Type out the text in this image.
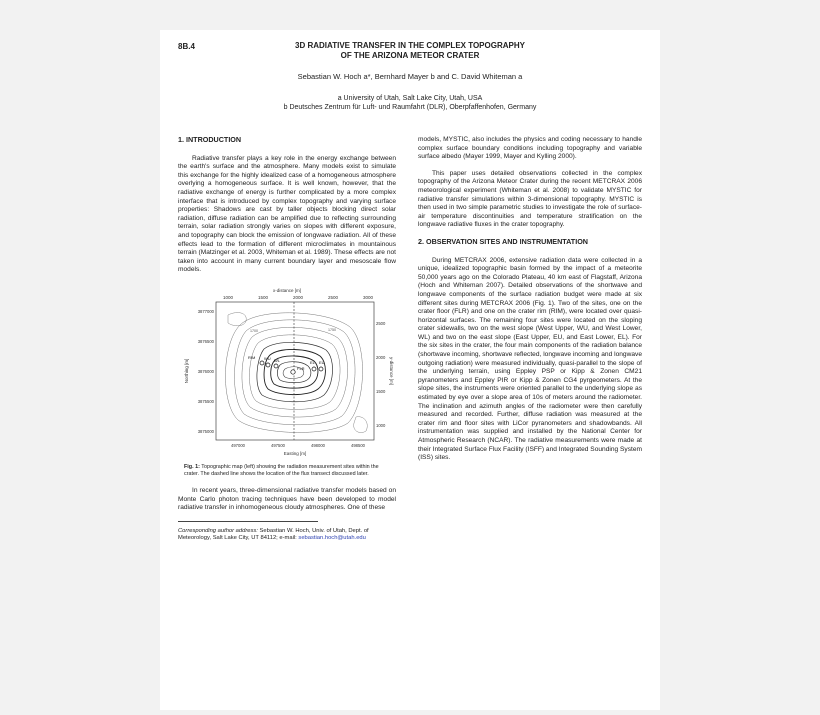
8B.4	3D RADIATIVE TRANSFER IN THE COMPLEX TOPOGRAPHY
OF THE ARIZONA METEOR CRATER
Sebastian W. Hoch a*, Bernhard Mayer b and C. David Whiteman a
a University of Utah, Salt Lake City, Utah, USA
b Deutsches Zentrum für Luft- und Raumfahrt (DLR), Oberpfaffenhofen, Germany
1. INTRODUCTION

Radiative transfer plays a key role in the energy exchange between the earth's surface and the atmosphere. Many models exist to simulate this exchange for the highly idealized case of a homogeneous atmosphere overlying a homogeneous surface. It is well known, however, that the radiative exchange of energy is further complicated by a more complex interface that is introduced by complex topography and varying surface properties: Shadows are cast by taller objects blocking direct solar radiation, diffuse radiation can be amplified due to reflecting surrounding terrain, solar radiation strongly varies on slopes with different exposure, and topography can block the emission of longwave radiation. All of these effects lead to the formation of different microclimates in mountainous terrain (Matzinger et al. 2003, Whiteman et al. 1989). These effects are not taken into account in many current boundary layer and mesoscale flow models.

x-distance [m]
1000	1500	2000	2500	3000
FLR
RIM WU WL	EL EU
1700	1750
3877000
3876500
3876000
3875500
3875000
Northing [m]
2500
2000
1500
1000
y-distance [m]
497000	497500	498000	498500
Easting [m]
Fig. 1: Topographic map (left) showing the radiation measurement sites within the crater. The dashed line shows the location of the flux transect discussed later.

In recent years, three-dimensional radiative transfer models based on Monte Carlo photon tracing techniques have been developed to model radiative transfer in inhomogeneous cloudy atmospheres. One of these

Corresponding author address: Sebastian W. Hoch, Univ. of Utah, Dept. of Meteorology, Salt Lake City, UT 84112; e-mail: sebastian.hoch@utah.edu

models, MYSTIC, also includes the physics and coding necessary to handle complex surface boundary conditions including topography and variable surface albedo (Mayer 1999, Mayer and Kylling 2000).

This paper uses detailed observations collected in the complex topography of the Arizona Meteor Crater during the recent METCRAX 2006 meteorological experiment (Whiteman et al. 2008) to validate MYSTIC for radiative transfer simulations within 3-dimensional topography. MYSTIC is then used in two simple parametric studies to investigate the role of surface-air temperature discontinuities and temperature stratification on the longwave radiative fluxes in the crater topography.

2. OBSERVATION SITES AND INSTRUMENTATION

During METCRAX 2006, extensive radiation data were collected in a unique, idealized topographic basin formed by the impact of a meteorite 50,000 years ago on the Colorado Plateau, 40 km east of Flagstaff, Arizona (Hoch and Whiteman 2007). Detailed observations of the shortwave and longwave components of the surface radiation budget were made at six different sites during METCRAX 2006 (Fig. 1). Two of the sites, one on the crater floor (FLR) and one on the crater rim (RIM), were located over quasi-horizontal surfaces. The remaining four sites were located on the sloping crater sidewalls, two on the west slope (West Upper, WU, and West Lower, WL) and two on the east slope (East Upper, EU, and East Lower, EL). For the six sites in the crater, the four main components of the radiation balance (shortwave incoming, shortwave reflected, longwave incoming and longwave outgoing radiation) were measured individually, quasi-parallel to the slope of the underlying terrain, using Eppley PSP or Kipp & Zonen CM21 pyranometers and Eppley PIR or Kipp & Zonen CG4 pyrgeometers. At the slope sites, the instruments were oriented parallel to the underlying slope as estimated by eye over a slope area of 10s of meters around the radiometer. The inclination and azimuth angles of the radiometer were then carefully measured and recorded. Further, diffuse radiation was measured at the crater rim and floor sites with LiCor pyranometers and shadowbands. All instrumentation was supplied and installed by the National Center for Atmospheric Research (NCAR). The radiative measurements were made at their Integrated Surface Flux Facility (ISFF) and Integrated Sounding System (ISS) sites.
